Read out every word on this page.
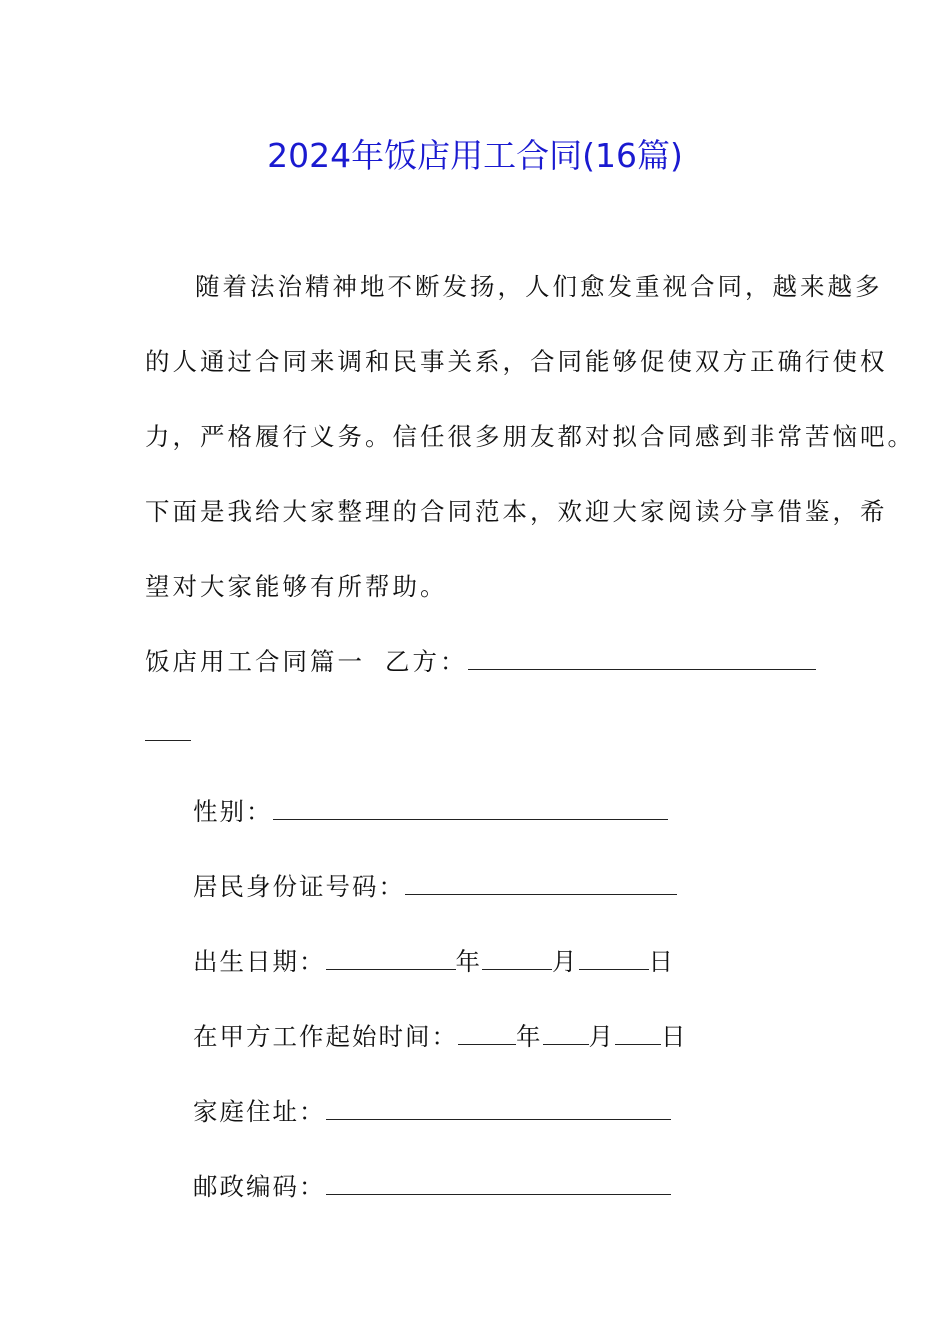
2024年饭店用工合同(16篇)
随着法治精神地不断发扬，人们愈发重视合同，越来越多
的人通过合同来调和民事关系，合同能够促使双方正确行使权
力，严格履行义务。信任很多朋友都对拟合同感到非常苦恼吧。
下面是我给大家整理的合同范本，欢迎大家阅读分享借鉴，希
望对大家能够有所帮助。
饭店用工合同篇一 乙方：
性别：
居民身份证号码：
出生日期：	年	月	日
在甲方工作起始时间： 年 月 日
家庭住址：
邮政编码：
